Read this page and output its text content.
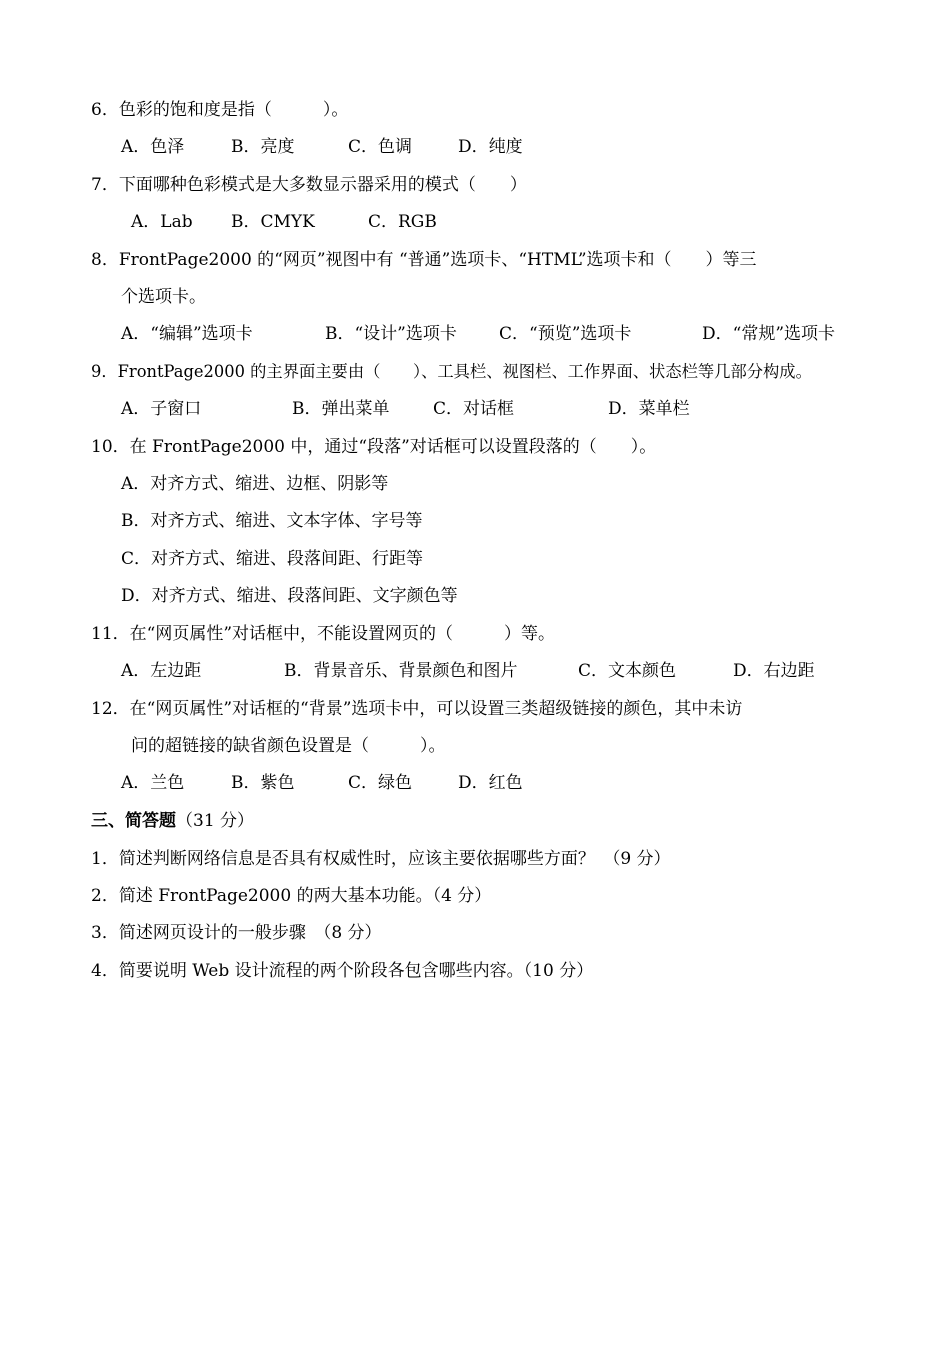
6．色彩的饱和度是指（　　　）。
A．色泽	B．亮度	C．色调	D．纯度
7．下面哪种色彩模式是大多数显示器采用的模式（　　）
A．Lab B．CMYK	C．RGB
8．FrontPage2000 的“网页”视图中有 “普通”选项卡、“HTML”选项卡和（　　）等三
个选项卡。
A．“编辑”选项卡	B．“设计”选项卡 C．“预览”选项卡	D．“常规”选项卡
9．FrontPage2000 的主界面主要由（　　）、工具栏、视图栏、工作界面、状态栏等几部分构成。
A．子窗口	B．弹出菜单	C．对话框	D．菜单栏
10．在 FrontPage2000 中，通过“段落”对话框可以设置段落的（　　）。
A．对齐方式、缩进、边框、阴影等
B．对齐方式、缩进、文本字体、字号等
C．对齐方式、缩进、段落间距、行距等
D．对齐方式、缩进、段落间距、文字颜色等
11．在“网页属性”对话框中，不能设置网页的（　　　）等。
A．左边距	B．背景音乐、背景颜色和图片	C．文本颜色	D．右边距
12．在“网页属性”对话框的“背景”选项卡中，可以设置三类超级链接的颜色，其中未访
问的超链接的缺省颜色设置是（　　　）。
A．兰色	B．紫色	C．绿色	D．红色
三、简答题（31 分）
1．简述判断网络信息是否具有权威性时，应该主要依据哪些方面？　（9 分）
2．简述 FrontPage2000 的两大基本功能。（4 分）
3．简述网页设计的一般步骤　（8 分）
4．简要说明 Web 设计流程的两个阶段各包含哪些内容。（10 分）
